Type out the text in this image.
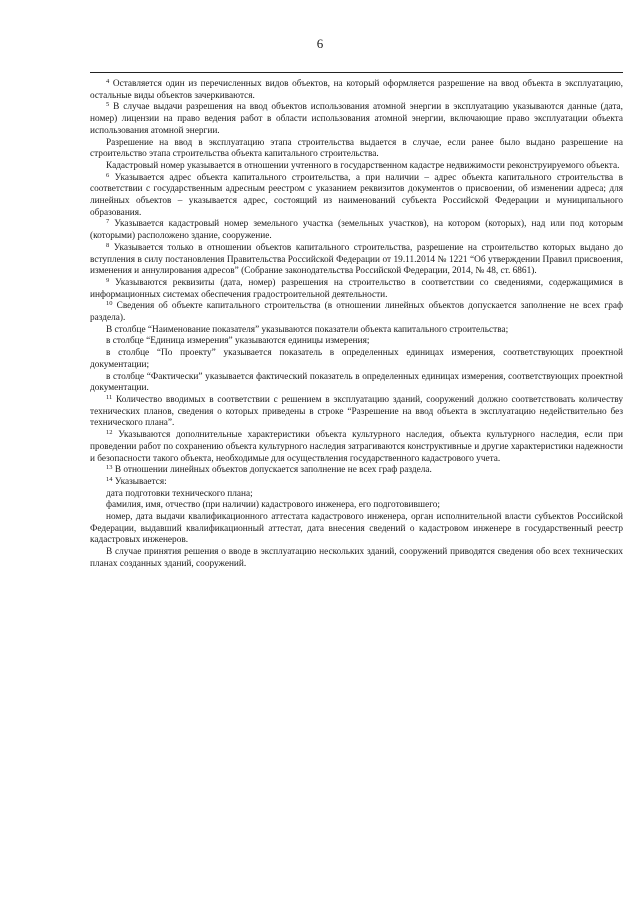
6

$^4$ Оставляется один из перечисленных видов объектов, на который оформляется разрешение на ввод объекта в эксплуатацию, остальные виды объектов зачеркиваются.

$^5$ В случае выдачи разрешения на ввод объектов использования атомной энергии в эксплуатацию указываются данные (дата, номер) лицензии на право ведения работ в области использования атомной энергии, включающие право эксплуатации объекта использования атомной энергии.

Разрешение на ввод в эксплуатацию этапа строительства выдается в случае, если ранее было выдано разрешение на строительство этапа строительства объекта капитального строительства.

Кадастровый номер указывается в отношении учтенного в государственном кадастре недвижимости реконструируемого объекта.

$^6$ Указывается адрес объекта капитального строительства, а при наличии – адрес объекта капитального строительства в соответствии с государственным адресным реестром с указанием реквизитов документов о присвоении, об изменении адреса; для линейных объектов – указывается адрес, состоящий из наименований субъекта Российской Федерации и муниципального образования.

$^7$ Указывается кадастровый номер земельного участка (земельных участков), на котором (которых), над или под которым (которыми) расположено здание, сооружение.

$^8$ Указывается только в отношении объектов капитального строительства, разрешение на строительство которых выдано до вступления в силу постановления Правительства Российской Федерации от 19.11.2014 № 1221 “Об утверждении Правил присвоения, изменения и аннулирования адресов” (Собрание законодательства Российской Федерации, 2014, № 48, ст. 6861).

$^9$ Указываются реквизиты (дата, номер) разрешения на строительство в соответствии со сведениями, содержащимися в информационных системах обеспечения градостроительной деятельности.

$^{10}$ Сведения об объекте капитального строительства (в отношении линейных объектов допускается заполнение не всех граф раздела).

В столбце “Наименование показателя” указываются показатели объекта капитального строительства;

в столбце “Единица измерения” указываются единицы измерения;

в столбце “По проекту” указывается показатель в определенных единицах измерения, соответствующих проектной документации;

в столбце “Фактически” указывается фактический показатель в определенных единицах измерения, соответствующих проектной документации.

$^{11}$ Количество вводимых в соответствии с решением в эксплуатацию зданий, сооружений должно соответствовать количеству технических планов, сведения о которых приведены в строке “Разрешение на ввод объекта в эксплуатацию недействительно без технического плана”.

$^{12}$ Указываются дополнительные характеристики объекта культурного наследия, объекта культурного наследия, если при проведении работ по сохранению объекта культурного наследия затрагиваются конструктивные и другие характеристики надежности и безопасности такого объекта, необходимые для осуществления государственного кадастрового учета.

$^{13}$ В отношении линейных объектов допускается заполнение не всех граф раздела.

$^{14}$ Указывается:

дата подготовки технического плана;

фамилия, имя, отчество (при наличии) кадастрового инженера, его подготовившего;

номер, дата выдачи квалификационного аттестата кадастрового инженера, орган исполнительной власти субъектов Российской Федерации, выдавший квалификационный аттестат, дата внесения сведений о кадастровом инженере в государственный реестр кадастровых инженеров.

В случае принятия решения о вводе в эксплуатацию нескольких зданий, сооружений приводятся сведения обо всех технических планах созданных зданий, сооружений.
